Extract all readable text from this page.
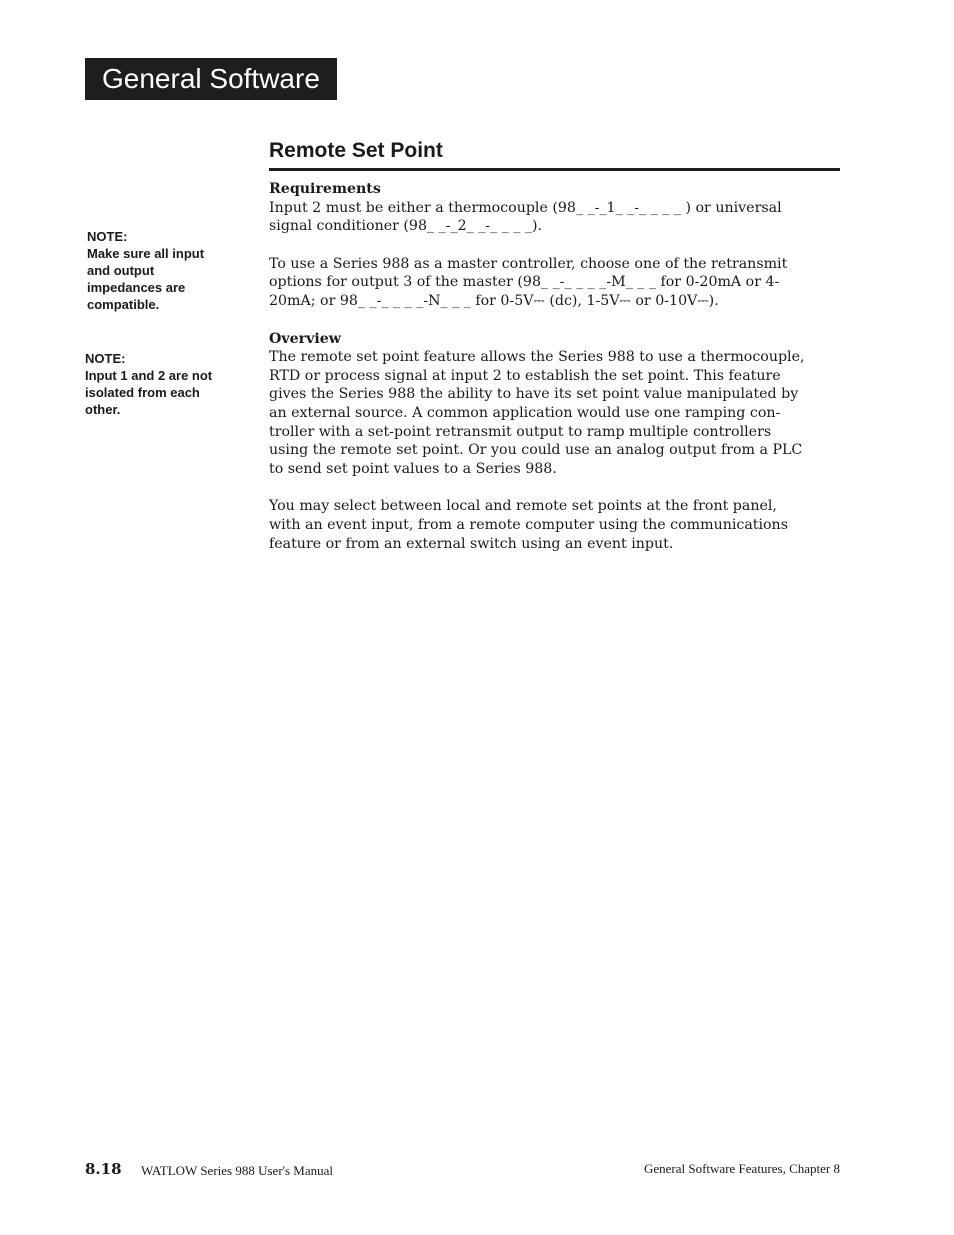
General Software
Remote Set Point
NOTE:
Make sure all input
and output
impedances are
compatible.
NOTE:
Input 1 and 2 are not
isolated from each
other.
Requirements
Input 2 must be either a thermocouple (98_ _-_1_ _-_ _ _ _ ) or universal
signal conditioner (98_ _-_2_ _-_ _ _ _).
To use a Series 988 as a master controller, choose one of the retransmit
options for output 3 of the master (98_ _-_ _ _ _-M_ _ _ for 0-20mA or 4-
20mA; or 98_ _-_ _ _ _-N_ _ _ for 0-5V⎓ (dc), 1-5V⎓ or 0-10V⎓).
Overview
The remote set point feature allows the Series 988 to use a thermocouple,
RTD or process signal at input 2 to establish the set point. This feature
gives the Series 988 the ability to have its set point value manipulated by
an external source. A common application would use one ramping con-
troller with a set-point retransmit output to ramp multiple controllers
using the remote set point. Or you could use an analog output from a PLC
to send set point values to a Series 988.
You may select between local and remote set points at the front panel,
with an event input, from a remote computer using the communications
feature or from an external switch using an event input.
8.18 WATLOW Series 988 User's Manual	General Software Features, Chapter 8
